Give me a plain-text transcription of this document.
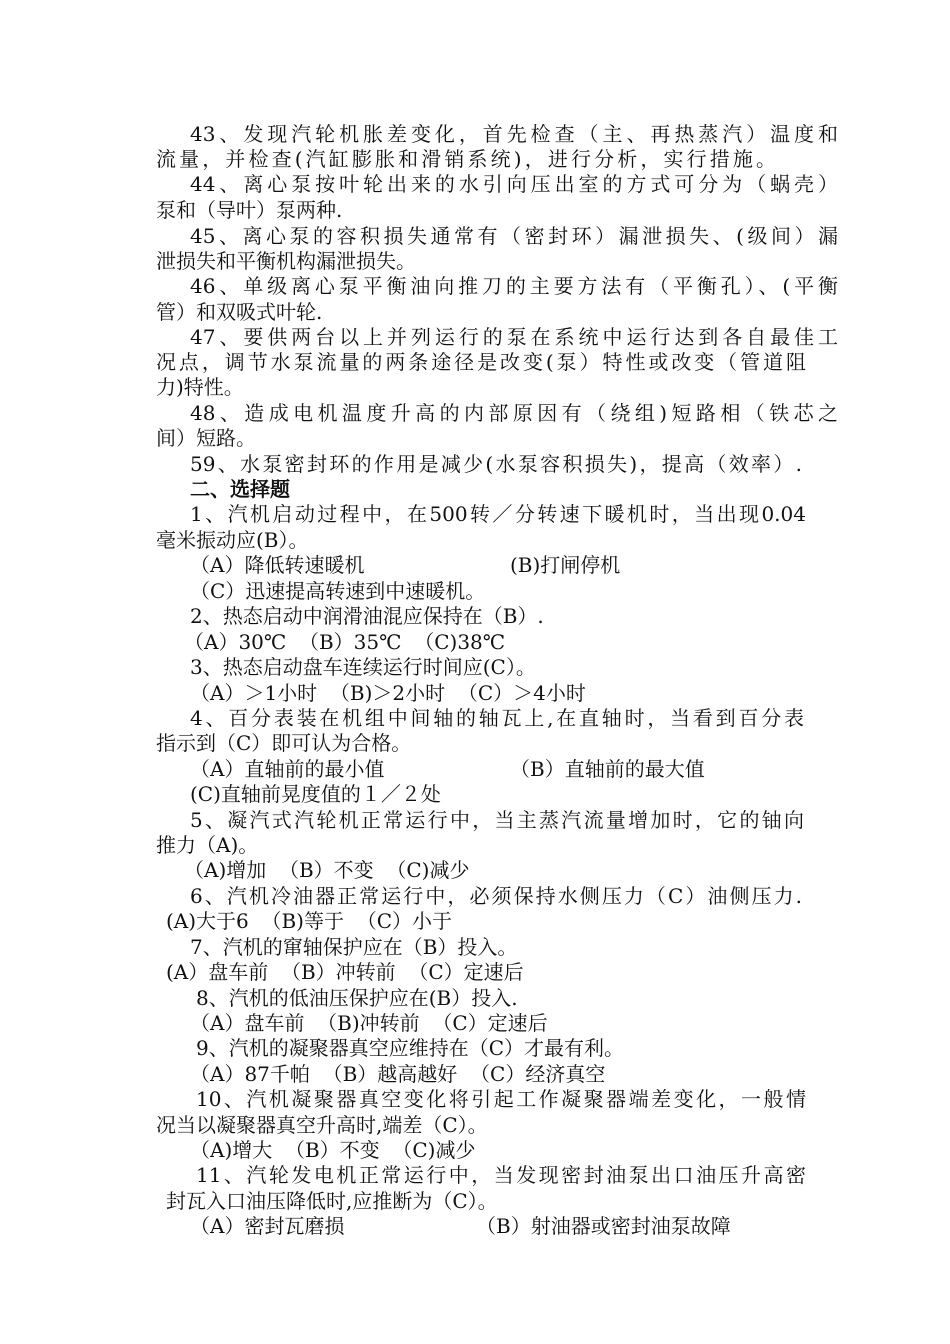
43、发现汽轮机胀差变化，首先检查（主、再热蒸汽）温度和

流量，并检查(汽缸膨胀和滑销系统)，进行分析，实行措施。

44、离心泵按叶轮出来的水引向压出室的方式可分为（蜗壳）

泵和（导叶）泵两种.

45、离心泵的容积损失通常有（密封环）漏泄损失、(级间）漏

泄损失和平衡机构漏泄损失。

46、单级离心泵平衡油向推刀的主要方法有（平衡孔）、(平衡

管）和双吸式叶轮.

47、要供两台以上并列运行的泵在系统中运行达到各自最佳工

况点，调节水泵流量的两条途径是改变(泵）特性或改变（管道阻

力)特性。

48、造成电机温度升高的内部原因有（绕组)短路相（铁芯之

间）短路。

59、水泵密封环的作用是减少(水泵容积损失)，提高（效率）.

二、选择题

1、汽机启动过程中，在500转／分转速下暖机时，当出现0.04

毫米振动应(B）。

（A）降低转速暖机	(B)打闸停机

（C）迅速提高转速到中速暖机。

2、热态启动中润滑油混应保持在（B）.

（A）30℃  （B）35℃  （C)38℃

3、热态启动盘车连续运行时间应(C）。

（A）＞1小时  （B)＞2小时  （C）＞4小时

4、百分表装在机组中间轴的轴瓦上,在直轴时，当看到百分表

指示到（C）即可认为合格。

（A）直轴前的最小值	（B）直轴前的最大值

(C)直轴前晃度值的１／２处

5、凝汽式汽轮机正常运行中，当主蒸汽流量增加时，它的铀向

推力（A)。

（A)增加  （B）不变  （C)减少

6、汽机冷油器正常运行中，必须保持水侧压力（C）油侧压力.

(A)大于6  （B)等于  （C）小于

7、汽机的窜轴保护应在（B）投入。

(A）盘车前  （B）冲转前  （C）定速后

8、汽机的低油压保护应在(B）投入.

（A）盘车前  （B)冲转前  （C）定速后

9、汽机的凝聚器真空应维持在（C）才最有利。

（A）87千帕  （B）越高越好  （C）经济真空

10、汽机凝聚器真空变化将引起工作凝聚器端差变化，一般情

况当以凝聚器真空升高时,端差（C）。

（A)增大  （B）不变  （C)减少

11、汽轮发电机正常运行中，当发现密封油泵出口油压升高密

封瓦入口油压降低时,应推断为（C）。

（A）密封瓦磨损	（B）射油器或密封油泵故障
